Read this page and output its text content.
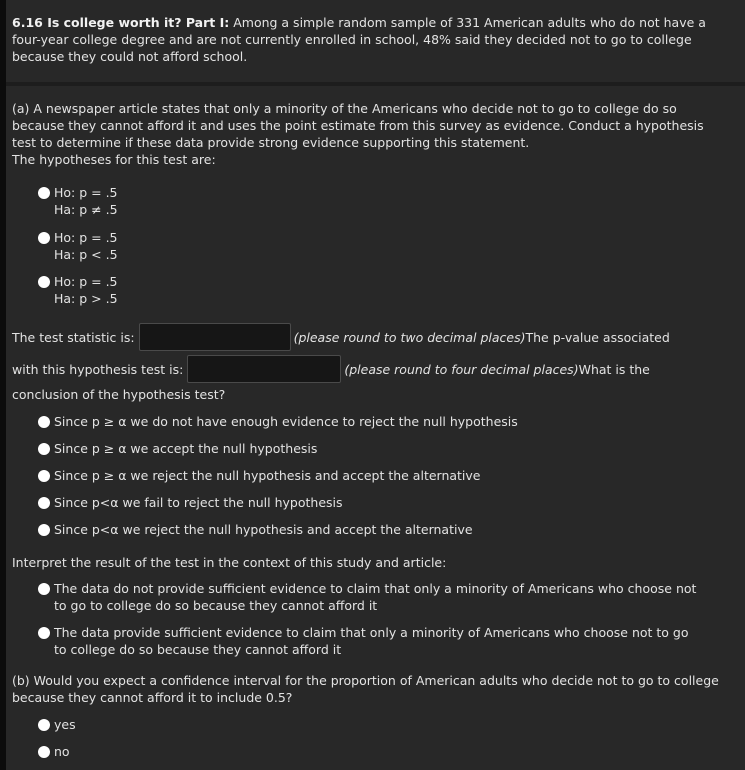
6.16 Is college worth it? Part I: Among a simple random sample of 331 American adults who do not have a four-year college degree and are not currently enrolled in school, 48% said they decided not to go to college because they could not afford school.
(a) A newspaper article states that only a minority of the Americans who decide not to go to college do so because they cannot afford it and uses the point estimate from this survey as evidence. Conduct a hypothesis test to determine if these data provide strong evidence supporting this statement.
The hypotheses for this test are:
Ho: p = .5
Ha: p ≠ .5
Ho: p = .5
Ha: p < .5
Ho: p = .5
Ha: p > .5
The test statistic is:	(please round to two decimal places) The p-value associated
with this hypothesis test is:	(please round to four decimal places) What is the
conclusion of the hypothesis test?
Since p ≥ α we do not have enough evidence to reject the null hypothesis
Since p ≥ α we accept the null hypothesis
Since p ≥ α we reject the null hypothesis and accept the alternative
Since p<α we fail to reject the null hypothesis
Since p<α we reject the null hypothesis and accept the alternative
Interpret the result of the test in the context of this study and article:
The data do not provide sufficient evidence to claim that only a minority of Americans who choose not
to go to college do so because they cannot afford it
The data provide sufficient evidence to claim that only a minority of Americans who choose not to go
to college do so because they cannot afford it
(b) Would you expect a confidence interval for the proportion of American adults who decide not to go to college because they cannot afford it to include 0.5?
yes
no
